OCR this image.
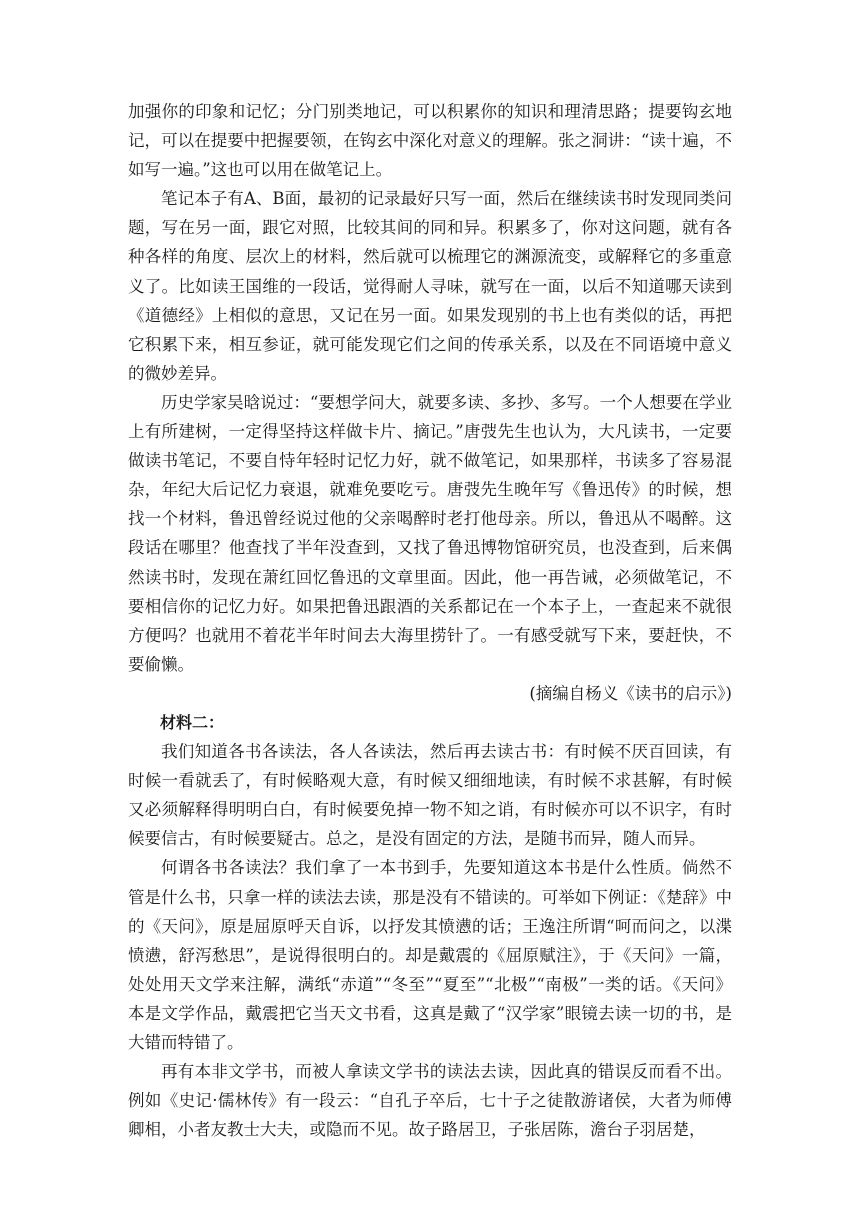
加强你的印象和记忆；分门别类地记，可以积累你的知识和理清思路；提要钩玄地记，可以在提要中把握要领，在钩玄中深化对意义的理解。张之洞讲：“读十遍，不如写一遍。”这也可以用在做笔记上。

笔记本子有A、B面，最初的记录最好只写一面，然后在继续读书时发现同类问题，写在另一面，跟它对照，比较其间的同和异。积累多了，你对这问题，就有各种各样的角度、层次上的材料，然后就可以梳理它的渊源流变，或解释它的多重意义了。比如读王国维的一段话，觉得耐人寻味，就写在一面，以后不知道哪天读到《道德经》上相似的意思，又记在另一面。如果发现别的书上也有类似的话，再把它积累下来，相互参证，就可能发现它们之间的传承关系，以及在不同语境中意义的微妙差异。

历史学家吴晗说过：“要想学问大，就要多读、多抄、多写。一个人想要在学业上有所建树，一定得坚持这样做卡片、摘记。”唐弢先生也认为，大凡读书，一定要做读书笔记，不要自恃年轻时记忆力好，就不做笔记，如果那样，书读多了容易混杂，年纪大后记忆力衰退，就难免要吃亏。唐弢先生晚年写《鲁迅传》的时候，想找一个材料，鲁迅曾经说过他的父亲喝醉时老打他母亲。所以，鲁迅从不喝醉。这段话在哪里？他查找了半年没查到，又找了鲁迅博物馆研究员，也没查到，后来偶然读书时，发现在萧红回忆鲁迅的文章里面。因此，他一再告诫，必须做笔记，不要相信你的记忆力好。如果把鲁迅跟酒的关系都记在一个本子上，一查起来不就很方便吗？也就用不着花半年时间去大海里捞针了。一有感受就写下来，要赶快，不要偷懒。

(摘编自杨义《读书的启示》)

材料二：

我们知道各书各读法，各人各读法，然后再去读古书：有时候不厌百回读，有时候一看就丢了，有时候略观大意，有时候又细细地读，有时候不求甚解，有时候又必须解释得明明白白，有时候要免掉一物不知之诮，有时候亦可以不识字，有时候要信古，有时候要疑古。总之，是没有固定的方法，是随书而异，随人而异。

何谓各书各读法？我们拿了一本书到手，先要知道这本书是什么性质。倘然不管是什么书，只拿一样的读法去读，那是没有不错读的。可举如下例证：《楚辞》中的《天问》，原是屈原呼天自诉，以抒发其愤懑的话；王逸注所谓“呵而问之，以渫愤懑，舒泻愁思”，是说得很明白的。却是戴震的《屈原赋注》，于《天问》一篇，处处用天文学来注解，满纸“赤道”“冬至”“夏至”“北极”“南极”一类的话。《天问》本是文学作品，戴震把它当天文书看，这真是戴了“汉学家”眼镜去读一切的书，是大错而特错了。

再有本非文学书，而被人拿读文学书的读法去读，因此真的错误反而看不出。例如《史记·儒林传》有一段云：“自孔子卒后，七十子之徒散游诸侯，大者为师傅卿相，小者友教士大夫，或隐而不见。故子路居卫，子张居陈，澹台子羽居楚，
